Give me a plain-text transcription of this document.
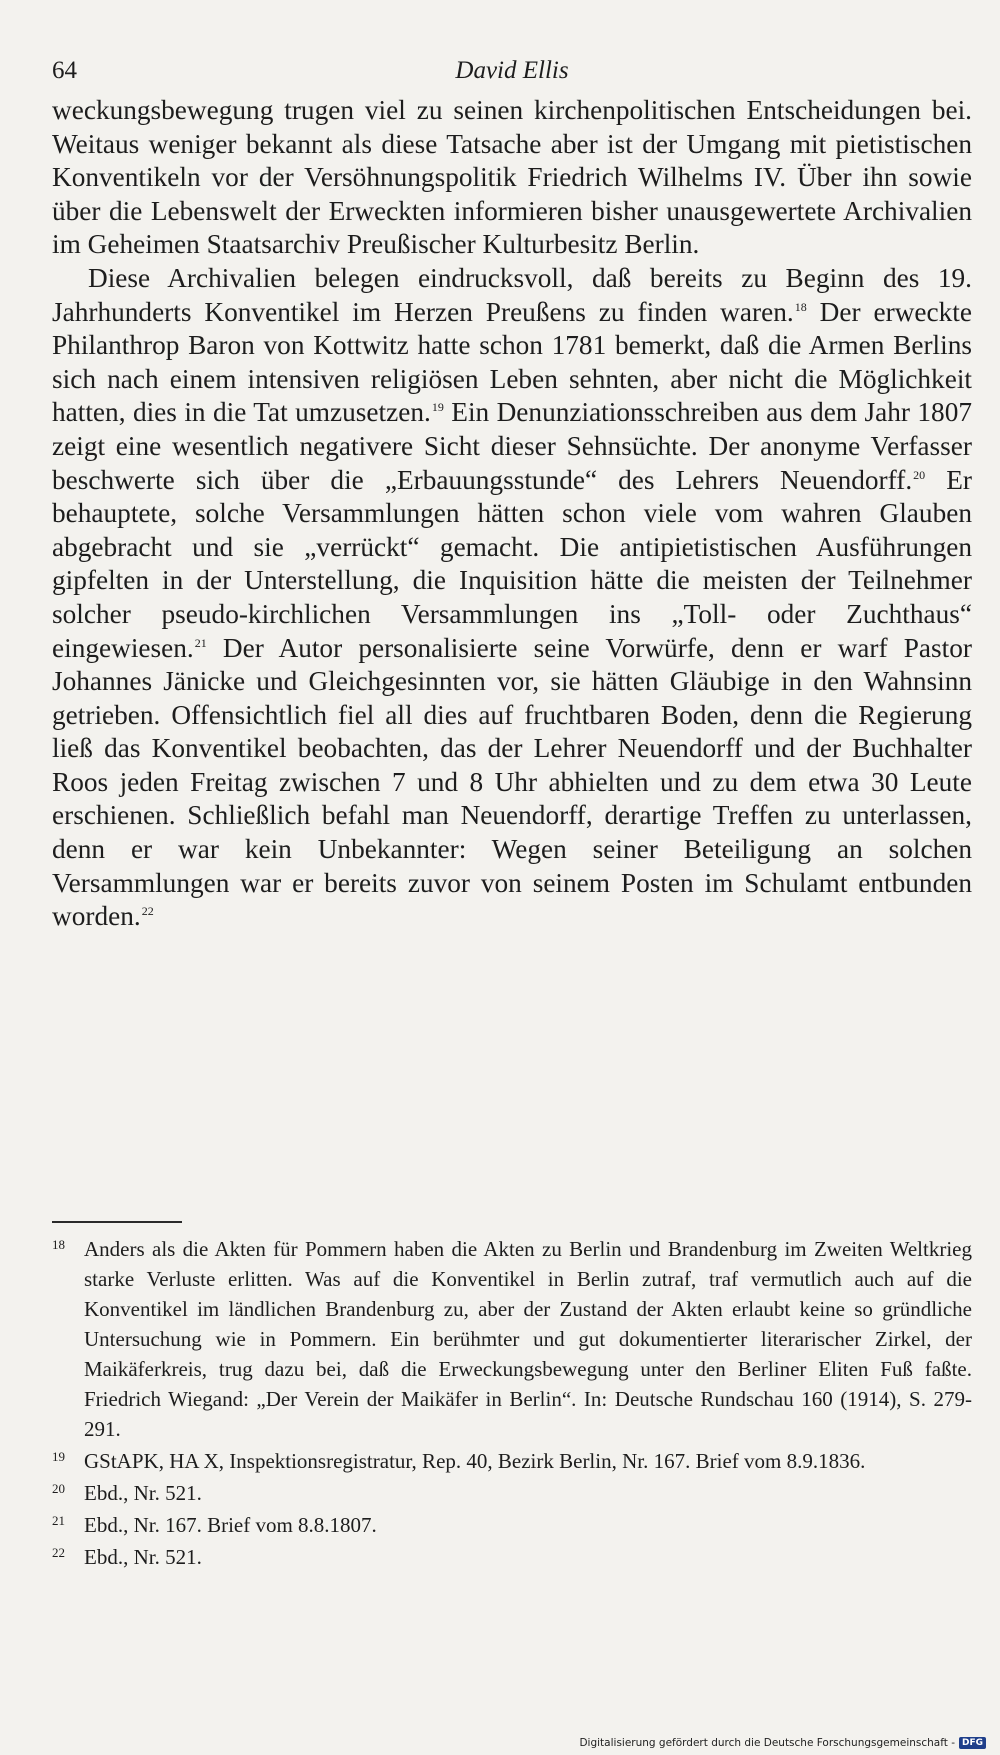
64	David Ellis

weckungsbewegung trugen viel zu seinen kirchenpolitischen Entscheidungen bei. Weitaus weniger bekannt als diese Tatsache aber ist der Umgang mit pietistischen Konventikeln vor der Versöhnungspolitik Friedrich Wilhelms IV. Über ihn sowie über die Lebenswelt der Erweckten informieren bisher unausgewertete Archivalien im Geheimen Staatsarchiv Preußischer Kulturbesitz Berlin.

Diese Archivalien belegen eindrucksvoll, daß bereits zu Beginn des 19. Jahrhunderts Konventikel im Herzen Preußens zu finden waren.$^{18}$ Der erweckte Philanthrop Baron von Kottwitz hatte schon 1781 bemerkt, daß die Armen Berlins sich nach einem intensiven religiösen Leben sehnten, aber nicht die Möglichkeit hatten, dies in die Tat umzusetzen.$^{19}$ Ein Denunziationsschreiben aus dem Jahr 1807 zeigt eine wesentlich negativere Sicht dieser Sehnsüchte. Der anonyme Verfasser beschwerte sich über die „Erbauungsstunde“ des Lehrers Neuendorff.$^{20}$ Er behauptete, solche Versammlungen hätten schon viele vom wahren Glauben abgebracht und sie „verrückt“ gemacht. Die antipietistischen Ausführungen gipfelten in der Unterstellung, die Inquisition hätte die meisten der Teilnehmer solcher pseudo-kirchlichen Versammlungen ins „Toll- oder Zuchthaus“ eingewiesen.$^{21}$ Der Autor personalisierte seine Vorwürfe, denn er warf Pastor Johannes Jänicke und Gleichgesinnten vor, sie hätten Gläubige in den Wahnsinn getrieben. Offensichtlich fiel all dies auf fruchtbaren Boden, denn die Regierung ließ das Konventikel beobachten, das der Lehrer Neuendorff und der Buchhalter Roos jeden Freitag zwischen 7 und 8 Uhr abhielten und zu dem etwa 30 Leute erschienen. Schließlich befahl man Neuendorff, derartige Treffen zu unterlassen, denn er war kein Unbekannter: Wegen seiner Beteiligung an solchen Versammlungen war er bereits zuvor von seinem Posten im Schulamt entbunden worden.$^{22}$

18 Anders als die Akten für Pommern haben die Akten zu Berlin und Brandenburg im Zweiten Weltkrieg starke Verluste erlitten. Was auf die Konventikel in Berlin zutraf, traf vermutlich auch auf die Konventikel im ländlichen Brandenburg zu, aber der Zustand der Akten erlaubt keine so gründliche Untersuchung wie in Pommern. Ein berühmter und gut dokumentierter literarischer Zirkel, der Maikäferkreis, trug dazu bei, daß die Erweckungsbewegung unter den Berliner Eliten Fuß faßte. Friedrich Wiegand: „Der Verein der Maikäfer in Berlin“. In: Deutsche Rundschau 160 (1914), S. 279-291.
19 GStAPK, HA X, Inspektionsregistratur, Rep. 40, Bezirk Berlin, Nr. 167. Brief vom 8.9.1836.
20 Ebd., Nr. 521.
21 Ebd., Nr. 167. Brief vom 8.8.1807.
22 Ebd., Nr. 521.
Digitalisierung gefördert durch die Deutsche Forschungsgemeinschaft - DFG
